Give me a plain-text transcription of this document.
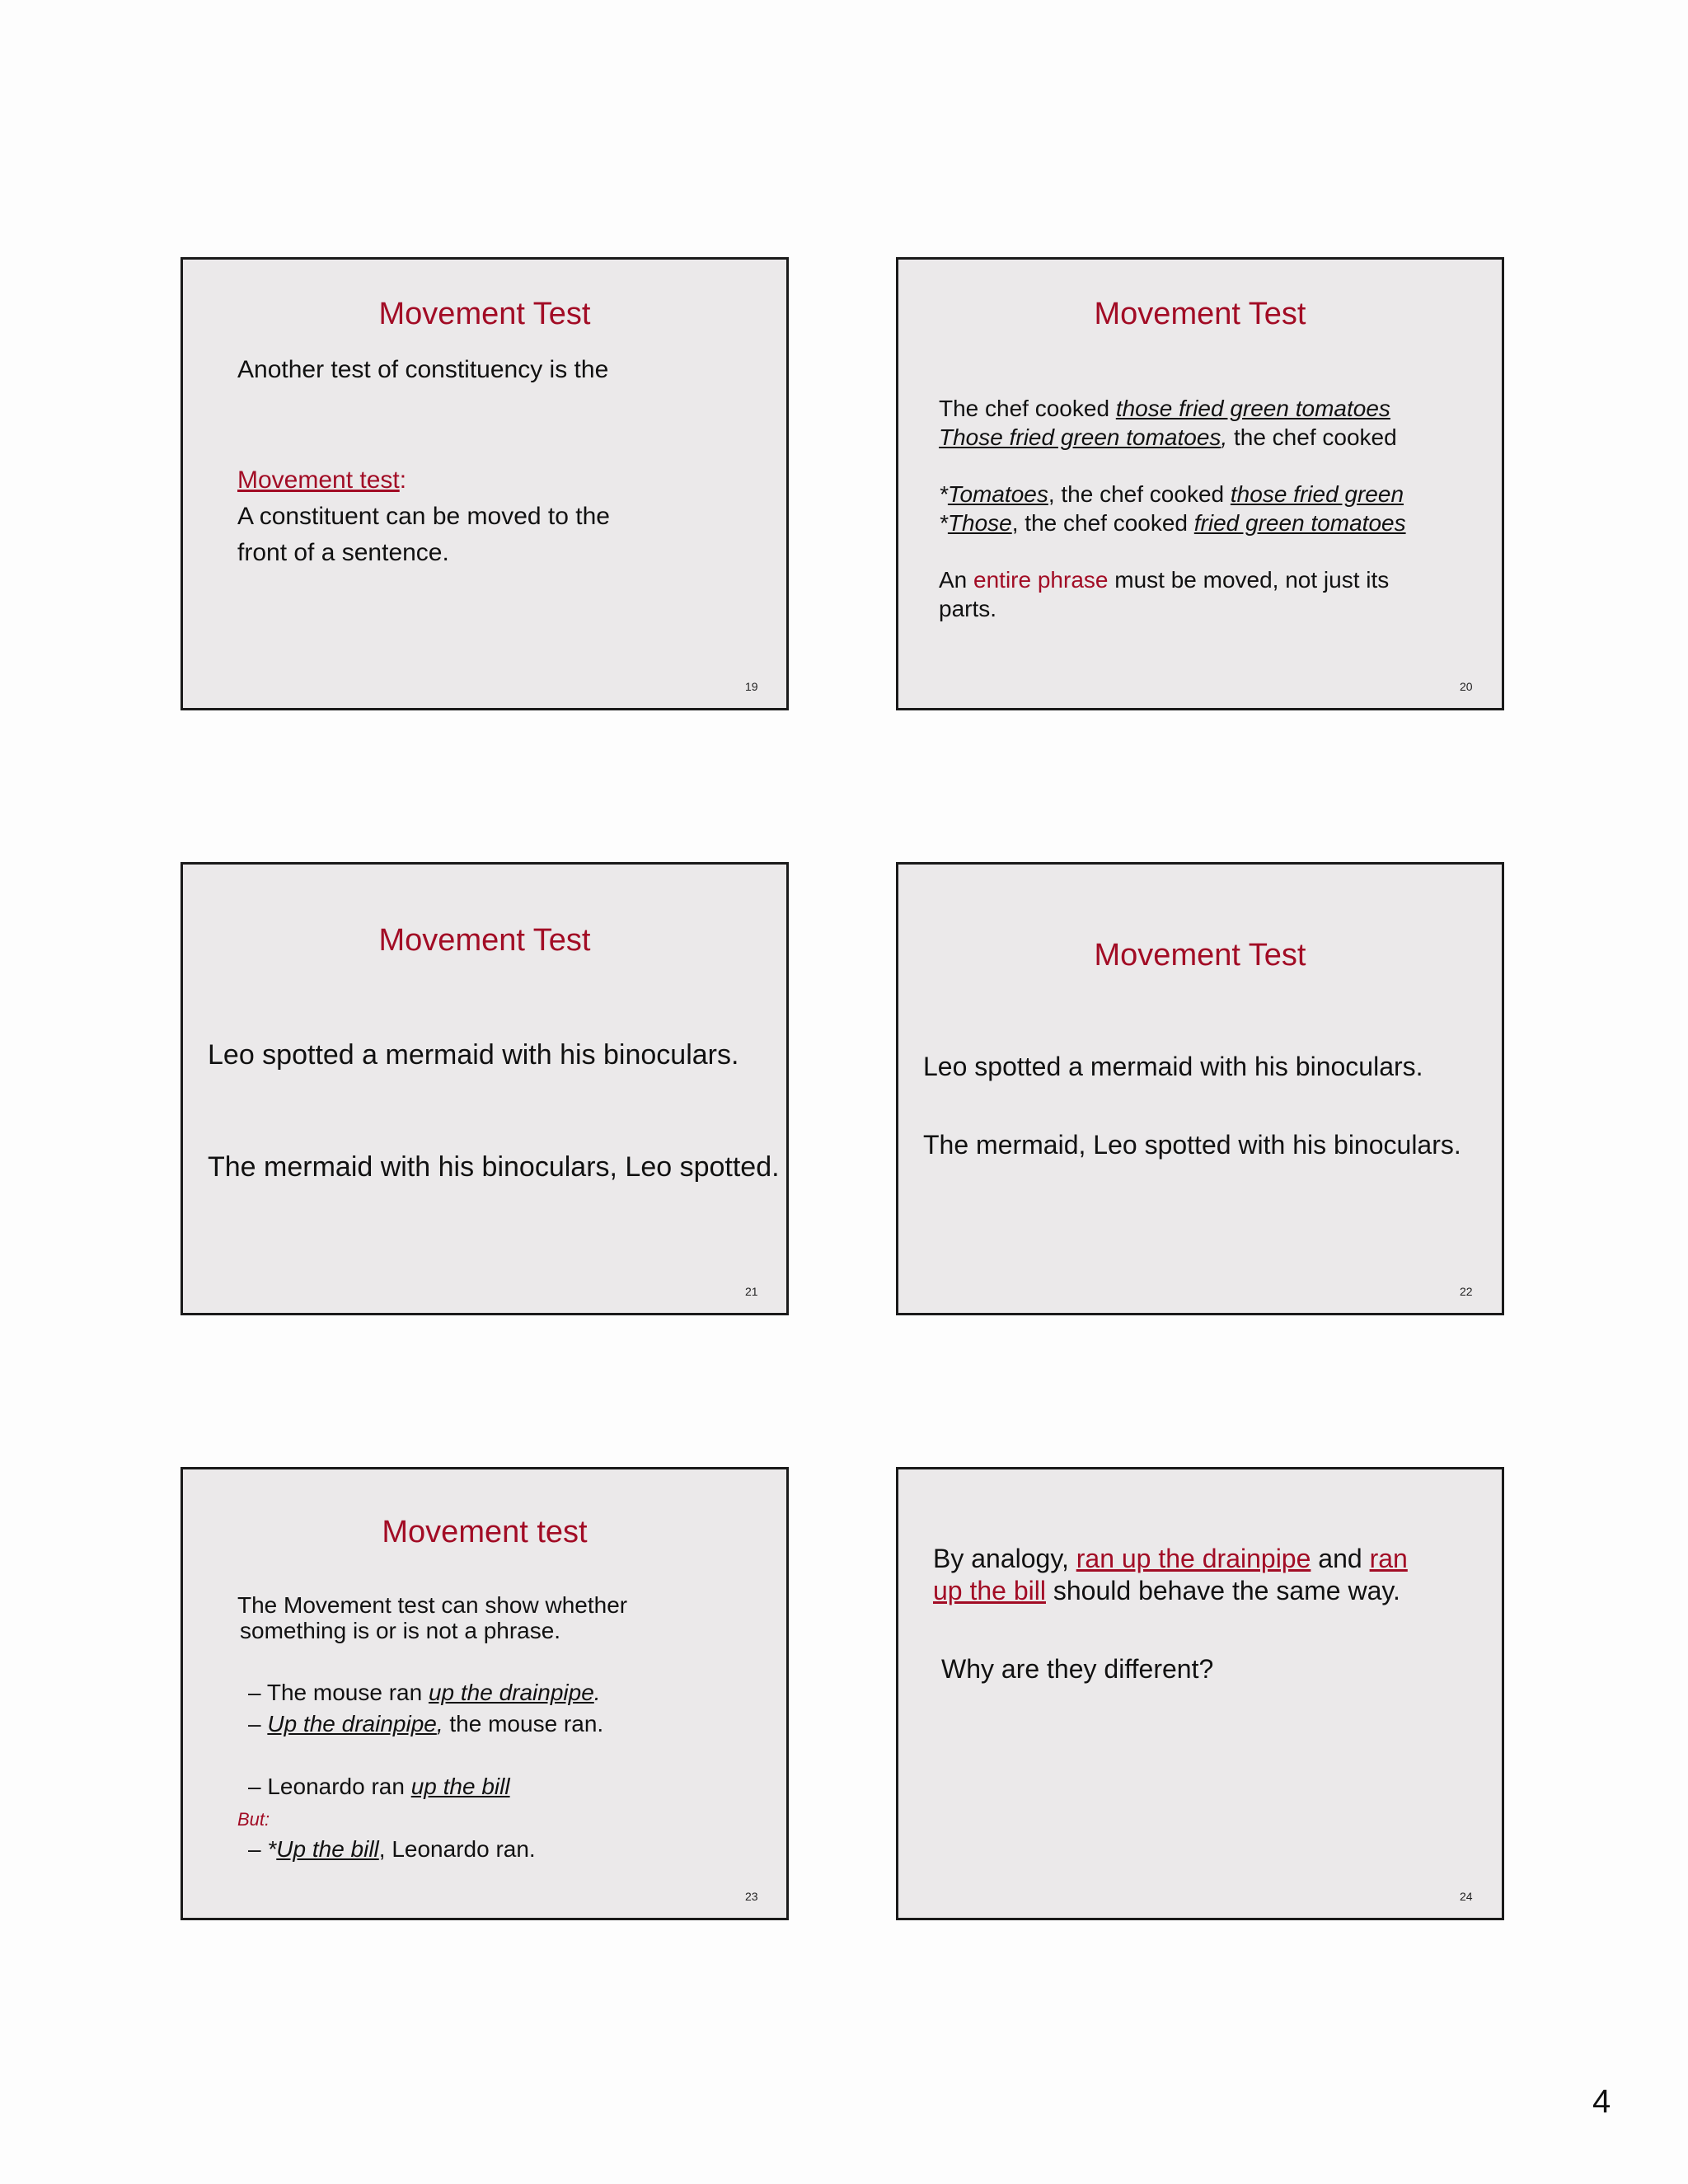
Movement Test
Another test of constituency is the
Movement test:
A constituent can be moved to the
front of a sentence.
19
Movement Test
The chef cooked those fried green tomatoes
Those fried green tomatoes, the chef cooked
*Tomatoes, the chef cooked those fried green
*Those, the chef cooked fried green tomatoes
An entire phrase must be moved, not just its
parts.
20
Movement Test
Leo spotted a mermaid with his binoculars.
The mermaid with his binoculars, Leo spotted.
21
Movement Test
Leo spotted a mermaid with his binoculars.
The mermaid, Leo spotted with his binoculars.
22
Movement test
The Movement test can show whether
something is or is not a phrase.
– The mouse ran up the drainpipe.
– Up the drainpipe, the mouse ran.
– Leonardo ran up the bill
But:
– *Up the bill, Leonardo ran.
23
By analogy, ran up the drainpipe and ran
up the bill should behave the same way.
Why are they different?
24
4
